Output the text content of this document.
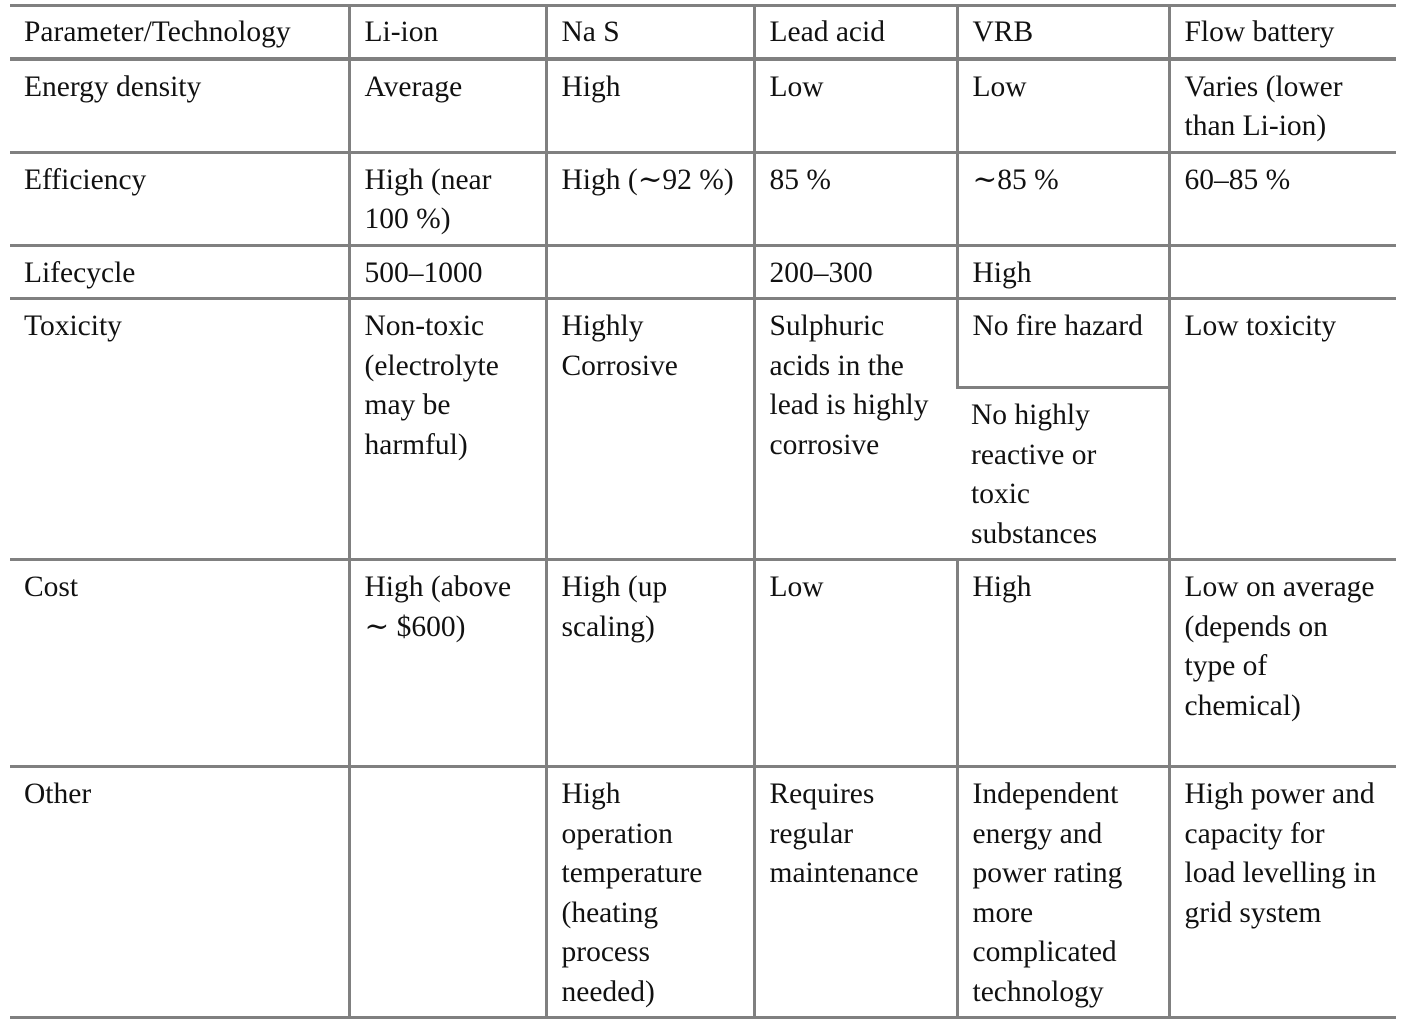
Parameter/Technology	Li-ion	Na S	Lead acid	VRB	Flow battery
Energy density	Average	High	Low	Low	Varies (lower than Li-ion)
Efficiency	High (near 100 %)	High (∼92 %)	85 %	∼85 %	60–85 %
Lifecycle	500–1000		200–300	High	
Toxicity	Non-toxic (electrolyte may be harmful)	Highly Corrosive	Sulphuric acids in the lead is highly corrosive	No fire hazard	Low toxicity
				No highly reactive or toxic substances	
Cost	High (above ∼ $600)	High (up scaling)	Low	High	Low on average (depends on type of chemical)
Other		High operation temperature (heating process needed)	Requires regular maintenance	Independent energy and power rating more complicated technology	High power and capacity for load levelling in grid system
